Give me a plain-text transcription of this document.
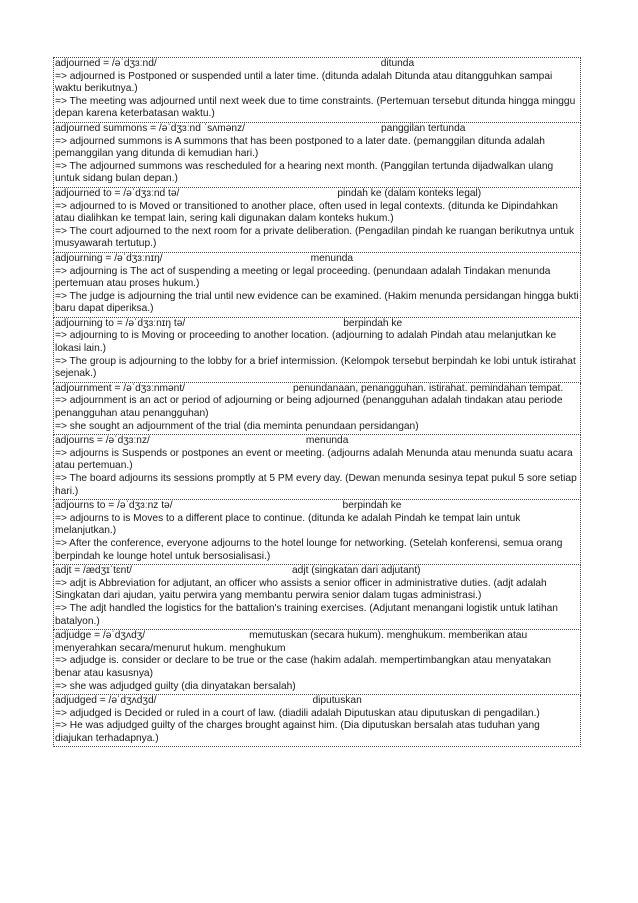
adjourned = /əˈdʒɜːnd/	ditunda

=> adjourned is Postponed or suspended until a later time. (ditunda adalah Ditunda atau ditangguhkan sampai waktu berikutnya.)

=> The meeting was adjourned until next week due to time constraints. (Pertemuan tersebut ditunda hingga minggu depan karena keterbatasan waktu.)

adjourned summons = /əˈdʒɜːnd ˈsʌmənz/	panggilan tertunda

=> adjourned summons is A summons that has been postponed to a later date. (pemanggilan ditunda adalah pemanggilan yang ditunda di kemudian hari.)

=> The adjourned summons was rescheduled for a hearing next month. (Panggilan tertunda dijadwalkan ulang untuk sidang bulan depan.)

adjourned to = /əˈdʒɜːnd tə/	pindah ke (dalam konteks legal)

=> adjourned to is Moved or transitioned to another place, often used in legal contexts. (ditunda ke Dipindahkan atau dialihkan ke tempat lain, sering kali digunakan dalam konteks hukum.)

=> The court adjourned to the next room for a private deliberation. (Pengadilan pindah ke ruangan berikutnya untuk musyawarah tertutup.)

adjourning = /əˈdʒɜːnɪŋ/	menunda

=> adjourning is The act of suspending a meeting or legal proceeding. (penundaan adalah Tindakan menunda pertemuan atau proses hukum.)

=> The judge is adjourning the trial until new evidence can be examined. (Hakim menunda persidangan hingga bukti baru dapat diperiksa.)

adjourning to = /əˈdʒɜːnɪŋ tə/	berpindah ke

=> adjourning to is Moving or proceeding to another location. (adjourning to adalah Pindah atau melanjutkan ke lokasi lain.)

=> The group is adjourning to the lobby for a brief intermission. (Kelompok tersebut berpindah ke lobi untuk istirahat sejenak.)

adjournment = /əˈdʒɜːnmənt/	penundanaan, penangguhan. istirahat. pemindahan tempat.

=> adjournment is an act or period of adjourning or being adjourned (penangguhan adalah tindakan atau periode penangguhan atau penangguhan)

=> she sought an adjournment of the trial (dia meminta penundaan persidangan)

adjourns = /əˈdʒɜːnz/	menunda

=> adjourns is Suspends or postpones an event or meeting. (adjourns adalah Menunda atau menunda suatu acara atau pertemuan.)

=> The board adjourns its sessions promptly at 5 PM every day. (Dewan menunda sesinya tepat pukul 5 sore setiap hari.)

adjourns to = /əˈdʒɜːnz tə/	berpindah ke

=> adjourns to is Moves to a different place to continue. (ditunda ke adalah Pindah ke tempat lain untuk melanjutkan.)

=> After the conference, everyone adjourns to the hotel lounge for networking. (Setelah konferensi, semua orang berpindah ke lounge hotel untuk bersosialisasi.)

adjt = /ædʒɪˈtɛnt/	adjt (singkatan dari adjutant)

=> adjt is Abbreviation for adjutant, an officer who assists a senior officer in administrative duties. (adjt adalah Singkatan dari ajudan, yaitu perwira yang membantu perwira senior dalam tugas administrasi.)

=> The adjt handled the logistics for the battalion's training exercises. (Adjutant menangani logistik untuk latihan batalyon.)

adjudge = /əˈdʒʌdʒ/	memutuskan (secara hukum). menghukum. memberikan atau menyerahkan secara/menurut hukum. menghukum

=> adjudge is. consider or declare to be true or the case (hakim adalah. mempertimbangkan atau menyatakan benar atau kasusnya)

=> she was adjudged guilty (dia dinyatakan bersalah)

adjudged = /əˈdʒʌdʒd/	diputuskan

=> adjudged is Decided or ruled in a court of law. (diadili adalah Diputuskan atau diputuskan di pengadilan.)

=> He was adjudged guilty of the charges brought against him. (Dia diputuskan bersalah atas tuduhan yang diajukan terhadapnya.)
